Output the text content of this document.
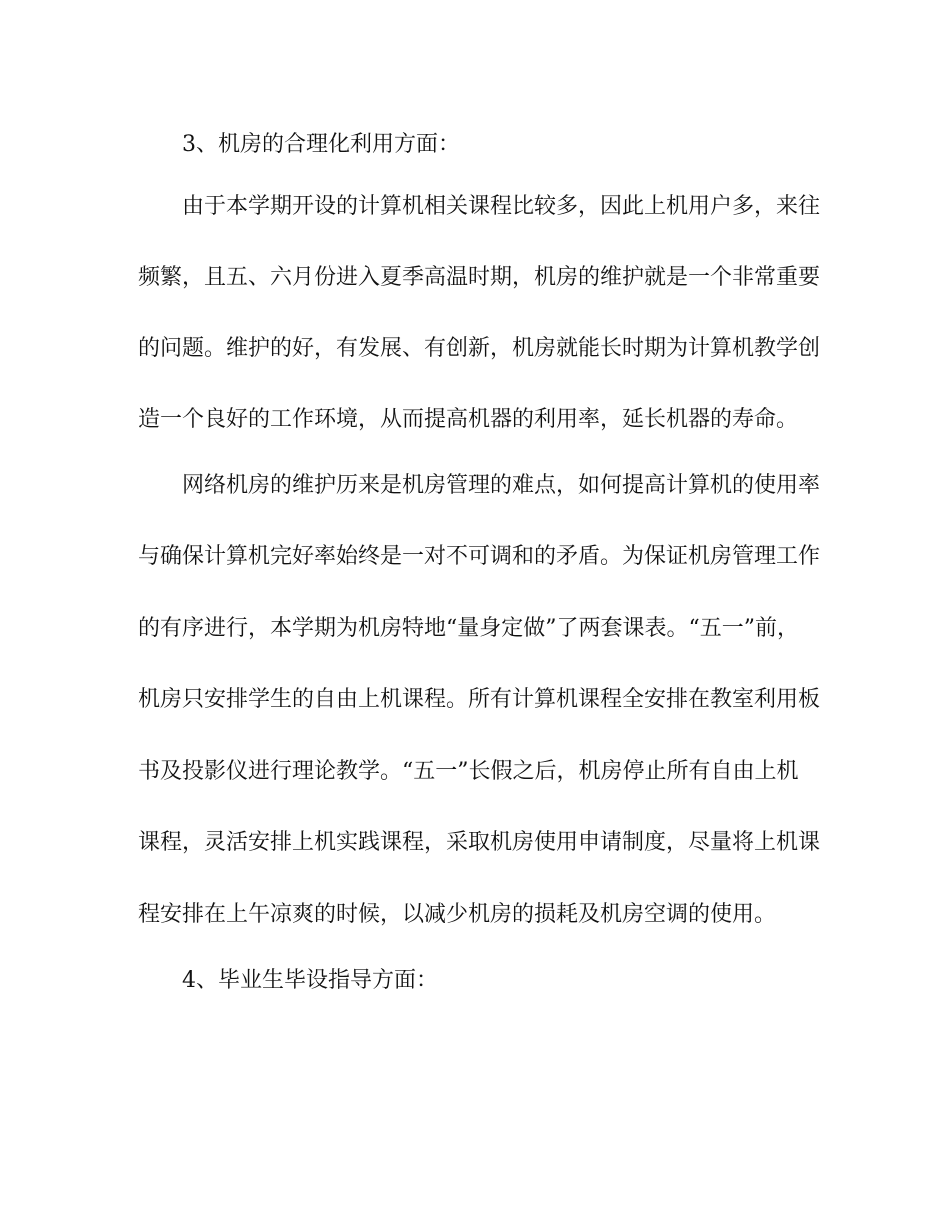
3、机房的合理化利用方面：
由于本学期开设的计算机相关课程比较多，因此上机用户多，来往
频繁，且五、六月份进入夏季高温时期，机房的维护就是一个非常重要
的问题。维护的好，有发展、有创新，机房就能长时期为计算机教学创
造一个良好的工作环境，从而提高机器的利用率，延长机器的寿命。
网络机房的维护历来是机房管理的难点，如何提高计算机的使用率
与确保计算机完好率始终是一对不可调和的矛盾。为保证机房管理工作
的有序进行，本学期为机房特地“量身定做”了两套课表。“五一”前，
机房只安排学生的自由上机课程。所有计算机课程全安排在教室利用板
书及投影仪进行理论教学。“五一”长假之后，机房停止所有自由上机
课程，灵活安排上机实践课程，采取机房使用申请制度，尽量将上机课
程安排在上午凉爽的时候，以减少机房的损耗及机房空调的使用。
4、毕业生毕设指导方面：
